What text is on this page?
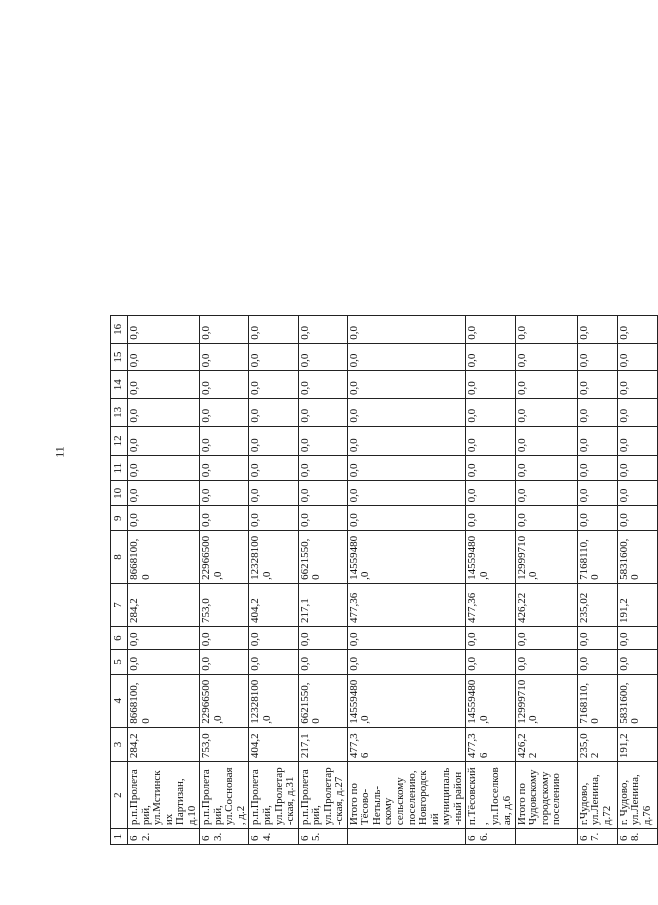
11
1	2	3	4	5	6	7	8	9	10	11	12	13	14	15	16
62.	р.п.Пролетарий, ул.Мстинских Партизан, д.10	284,2	8668100,0	0,0	0,0	284,2	8668100,0	0,0	0,0	0,0	0,0	0,0	0,0	0,0	0,0
63.	р.п.Пролетарий, ул.Сосновая, д.2	753,0	22966500,0	0,0	0,0	753,0	22966500,0	0,0	0,0	0,0	0,0	0,0	0,0	0,0	0,0
64.	р.п.Пролетарий, ул.Пролетар-ская, д.31	404,2	12328100,0	0,0	0,0	404,2	12328100,0	0,0	0,0	0,0	0,0	0,0	0,0	0,0	0,0
65.	р.п.Пролетарий, ул.Пролетар-ская, д.27	217,1	6621550,0	0,0	0,0	217,1	6621550,0	0,0	0,0	0,0	0,0	0,0	0,0	0,0	0,0
	Итого по Тёсово-Нетыль-скому сельскому поселению, Новгородский муниципаль-ный район	477,36	14559480,0	0,0	0,0	477,36	14559480,0	0,0	0,0	0,0	0,0	0,0	0,0	0,0	0,0
66.	п.Тёсовский, ул.Поселковая, д.6	477,36	14559480,0	0,0	0,0	477,36	14559480,0	0,0	0,0	0,0	0,0	0,0	0,0	0,0	0,0
	Итого по Чудовскому городскому поселению	426,22	12999710,0	0,0	0,0	426,22	12999710,0	0,0	0,0	0,0	0,0	0,0	0,0	0,0	0,0
67.	г.Чудово, ул.Ленина, д.72	235,02	7168110,0	0,0	0,0	235,02	7168110,0	0,0	0,0	0,0	0,0	0,0	0,0	0,0	0,0
68.	г. Чудово, ул.Ленина, д.76	191,2	5831600,0	0,0	0,0	191,2	5831600,0	0,0	0,0	0,0	0,0	0,0	0,0	0,0	0,0
